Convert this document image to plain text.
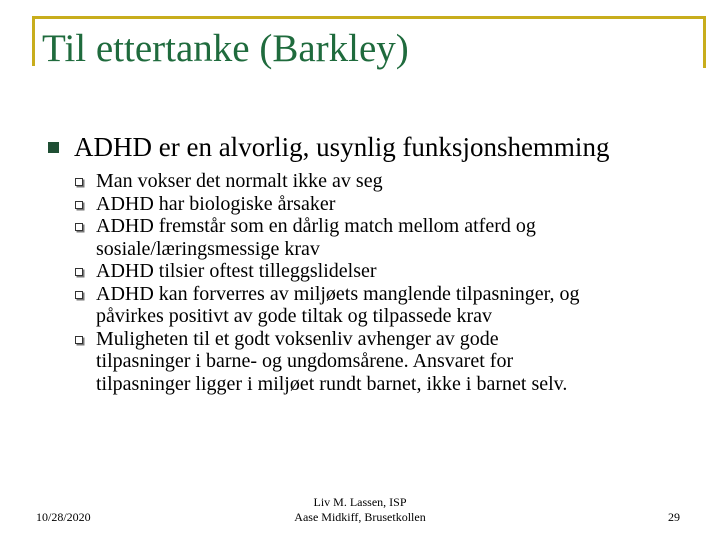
Til ettertanke (Barkley)
ADHD er en alvorlig, usynlig funksjonshemming
Man vokser det normalt ikke av seg
ADHD har biologiske årsaker
ADHD fremstår som en dårlig match mellom atferd og
sosiale/læringsmessige krav
ADHD tilsier oftest tilleggslidelser
ADHD kan forverres av miljøets manglende tilpasninger, og
påvirkes positivt av gode tiltak og tilpassede krav
Muligheten til et godt voksenliv avhenger av gode
tilpasninger i barne- og ungdomsårene. Ansvaret for
tilpasninger ligger i miljøet rundt barnet, ikke i barnet selv.
10/28/2020
Liv M. Lassen, ISP
Aase Midkiff, Brusetkollen	29
